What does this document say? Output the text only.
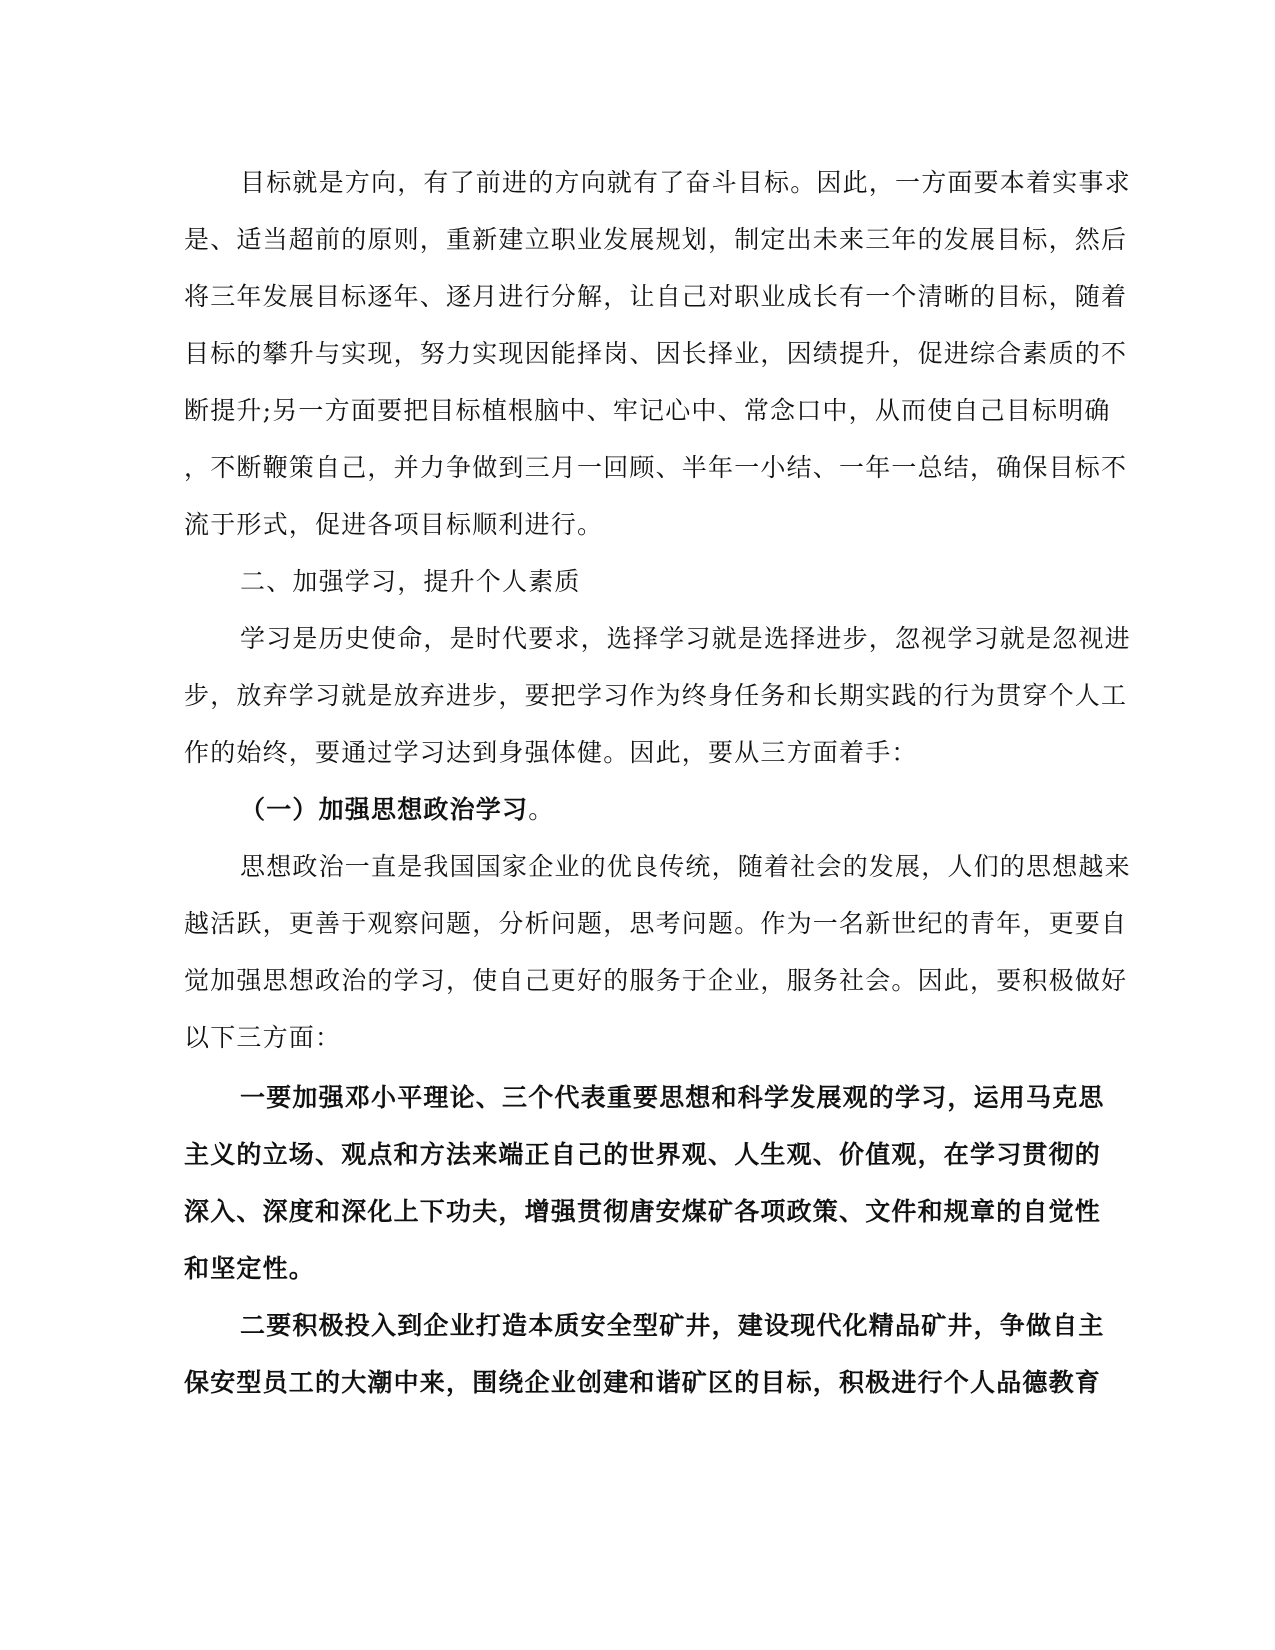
目标就是方向，有了前进的方向就有了奋斗目标。因此，一方面要本着实事求
是、适当超前的原则，重新建立职业发展规划，制定出未来三年的发展目标，然后
将三年发展目标逐年、逐月进行分解，让自己对职业成长有一个清晰的目标，随着
目标的攀升与实现，努力实现因能择岗、因长择业，因绩提升，促进综合素质的不
断提升;另一方面要把目标植根脑中、牢记心中、常念口中，从而使自己目标明确
，不断鞭策自己，并力争做到三月一回顾、半年一小结、一年一总结，确保目标不
流于形式，促进各项目标顺利进行。
二、加强学习，提升个人素质
学习是历史使命，是时代要求，选择学习就是选择进步，忽视学习就是忽视进
步，放弃学习就是放弃进步，要把学习作为终身任务和长期实践的行为贯穿个人工
作的始终，要通过学习达到身强体健。因此，要从三方面着手：
（一）加强思想政治学习。
思想政治一直是我国国家企业的优良传统，随着社会的发展，人们的思想越来
越活跃，更善于观察问题，分析问题，思考问题。作为一名新世纪的青年，更要自
觉加强思想政治的学习，使自己更好的服务于企业，服务社会。因此，要积极做好
以下三方面：
一要加强邓小平理论、三个代表重要思想和科学发展观的学习，运用马克思
主义的立场、观点和方法来端正自己的世界观、人生观、价值观，在学习贯彻的
深入、深度和深化上下功夫，增强贯彻唐安煤矿各项政策、文件和规章的自觉性
和坚定性。
二要积极投入到企业打造本质安全型矿井，建设现代化精品矿井，争做自主
保安型员工的大潮中来，围绕企业创建和谐矿区的目标，积极进行个人品德教育
